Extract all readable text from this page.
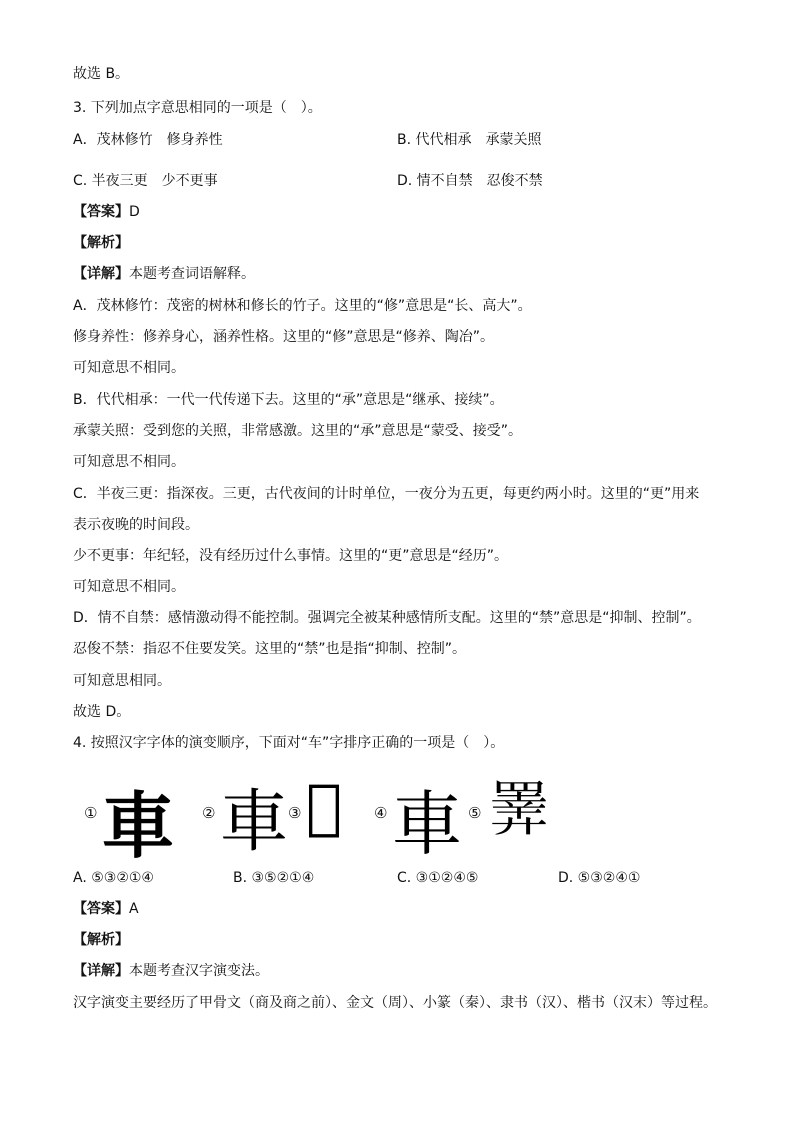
故选 B。
3. 下列加点字意思相同的一项是（　）。
A．茂林修竹　修身养性	B. 代代相承　承蒙关照
C. 半夜三更　少不更事	D. 情不自禁　忍俊不禁
【答案】D
【解析】
【详解】本题考查词语解释。
A．茂林修竹：茂密的树林和修长的竹子。这里的“修”意思是“长、高大”。
修身养性：修养身心，涵养性格。这里的“修”意思是“修养、陶冶”。
可知意思不相同。
B．代代相承：一代一代传递下去。这里的“承”意思是“继承、接续”。
承蒙关照：受到您的关照，非常感激。这里的“承”意思是“蒙受、接受”。
可知意思不相同。
C．半夜三更：指深夜。三更，古代夜间的计时单位，一夜分为五更，每更约两小时。这里的“更”用来
表示夜晚的时间段。
少不更事：年纪轻，没有经历过什么事情。这里的“更”意思是“经历”。
可知意思不相同。
D．情不自禁：感情激动得不能控制。强调完全被某种感情所支配。这里的“禁”意思是“抑制、控制”。
忍俊不禁：指忍不住要发笑。这里的“禁”也是指“抑制、控制”。
可知意思相同。
故选 D。
4. 按照汉字字体的演变顺序，下面对“车”字排序正确的一项是（　）。
① 車 ② 車 ③ 𨐋 ④ 車 ⑤ 𢍰
A. ⑤③②①④	B. ③⑤②①④	C. ③①②④⑤	D. ⑤③②④①
【答案】A
【解析】
【详解】本题考查汉字演变法。
汉字演变主要经历了甲骨文（商及商之前）、金文（周）、小篆（秦）、隶书（汉）、楷书（汉末）等过程。
